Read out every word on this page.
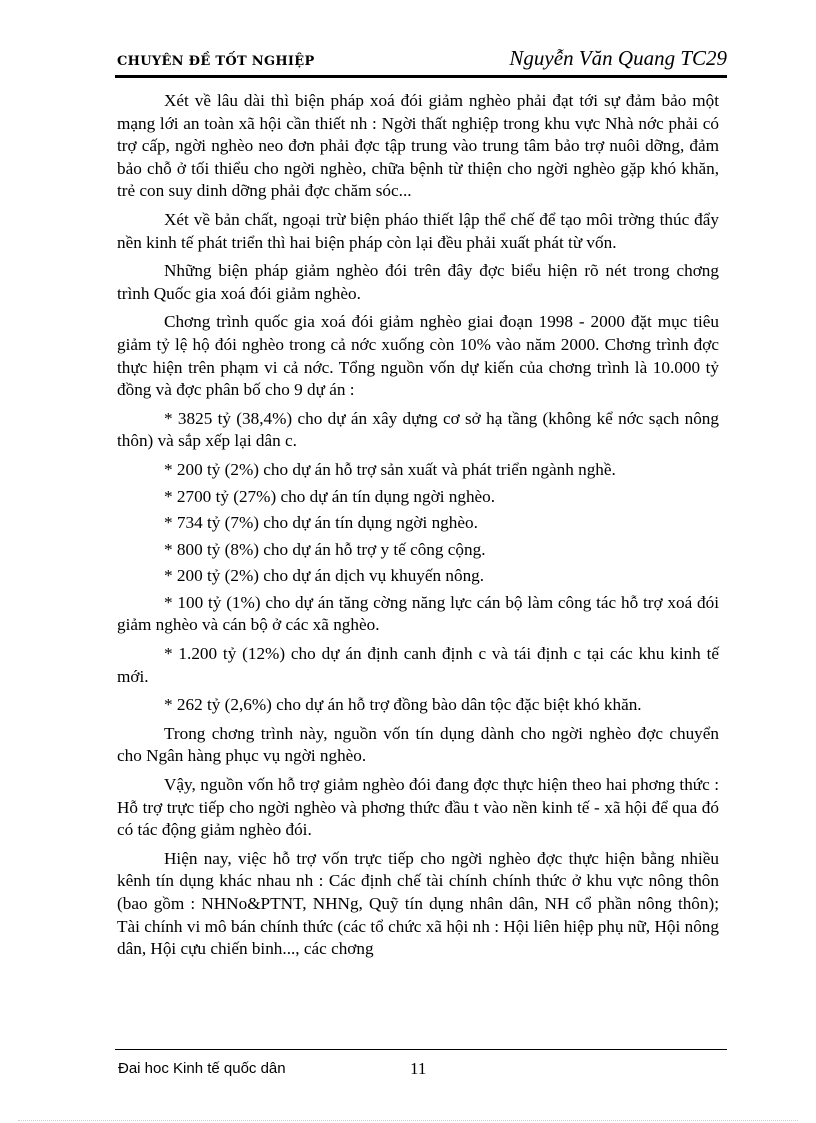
CHUYÊN ĐỀ TỐT NGHIỆP	Nguyễn Văn Quang TC29

Xét về lâu dài thì biện pháp xoá đói giảm nghèo phải đạt tới sự đảm bảo một mạng lới an toàn xã hội cần thiết nh : Ngời thất nghiệp trong khu vực Nhà nớc phải có trợ cấp, ngời nghèo neo đơn phải đợc tập trung vào trung tâm bảo trợ nuôi dỡng, đảm bảo chỗ ở tối thiểu cho ngời nghèo, chữa bệnh từ thiện cho ngời nghèo gặp khó khăn, trẻ con suy dinh dỡng phải đợc chăm sóc...

Xét về bản chất, ngoại trừ biện pháo thiết lập thể chế để tạo môi trờng thúc đẩy nền kinh tế phát triển thì hai biện pháp còn lại đều phải xuất phát từ vốn.

Những biện pháp giảm nghèo đói trên đây đợc biểu hiện rõ nét trong chơng trình Quốc gia xoá đói giảm nghèo.

Chơng trình quốc gia xoá đói giảm nghèo giai đoạn 1998 - 2000 đặt mục tiêu giảm tỷ lệ hộ đói nghèo trong cả nớc xuống còn 10% vào năm 2000. Chơng trình đợc thực hiện trên phạm vi cả nớc. Tổng nguồn vốn dự kiến của chơng trình là 10.000 tỷ đồng và đợc phân bố cho 9 dự án :

* 3825 tỷ (38,4%) cho dự án xây dựng cơ sở hạ tầng (không kể nớc sạch nông thôn) và sắp xếp lại dân c.

* 200 tỷ (2%) cho dự án hỗ trợ sản xuất và phát triển ngành nghề.

* 2700 tỷ (27%) cho dự án tín dụng ngời nghèo.

* 734 tỷ (7%) cho dự án tín dụng ngời nghèo.

* 800 tỷ (8%) cho dự án hỗ trợ y tế công cộng.

* 200 tỷ (2%) cho dự án dịch vụ khuyến nông.

* 100 tỷ (1%) cho dự án tăng cờng năng lực cán bộ làm công tác hỗ trợ xoá đói giảm nghèo và cán bộ ở các xã nghèo.

* 1.200 tỷ (12%) cho dự án định canh định c và tái định c tại các khu kinh tế mới.

* 262 tỷ (2,6%) cho dự án hỗ trợ đồng bào dân tộc đặc biệt khó khăn.

Trong chơng trình này, nguồn vốn tín dụng dành cho ngời nghèo đợc chuyển cho Ngân hàng phục vụ ngời nghèo.

Vậy, nguồn vốn hỗ trợ giảm nghèo đói đang đợc thực hiện theo hai phơng thức : Hỗ trợ trực tiếp cho ngời nghèo và phơng thức đầu t vào nền kinh tế - xã hội để qua đó có tác động giảm nghèo đói.

Hiện nay, việc hỗ trợ vốn trực tiếp cho ngời nghèo đợc thực hiện bằng nhiều kênh tín dụng khác nhau nh : Các định chế tài chính chính thức ở khu vực nông thôn (bao gồm : NHNo&PTNT, NHNg, Quỹ tín dụng nhân dân, NH cổ phần nông thôn); Tài chính vi mô bán chính thức (các tổ chức xã hội nh : Hội liên hiệp phụ nữ, Hội nông dân, Hội cựu chiến binh..., các chơng

Đai hoc Kinh tế quốc dân	11
